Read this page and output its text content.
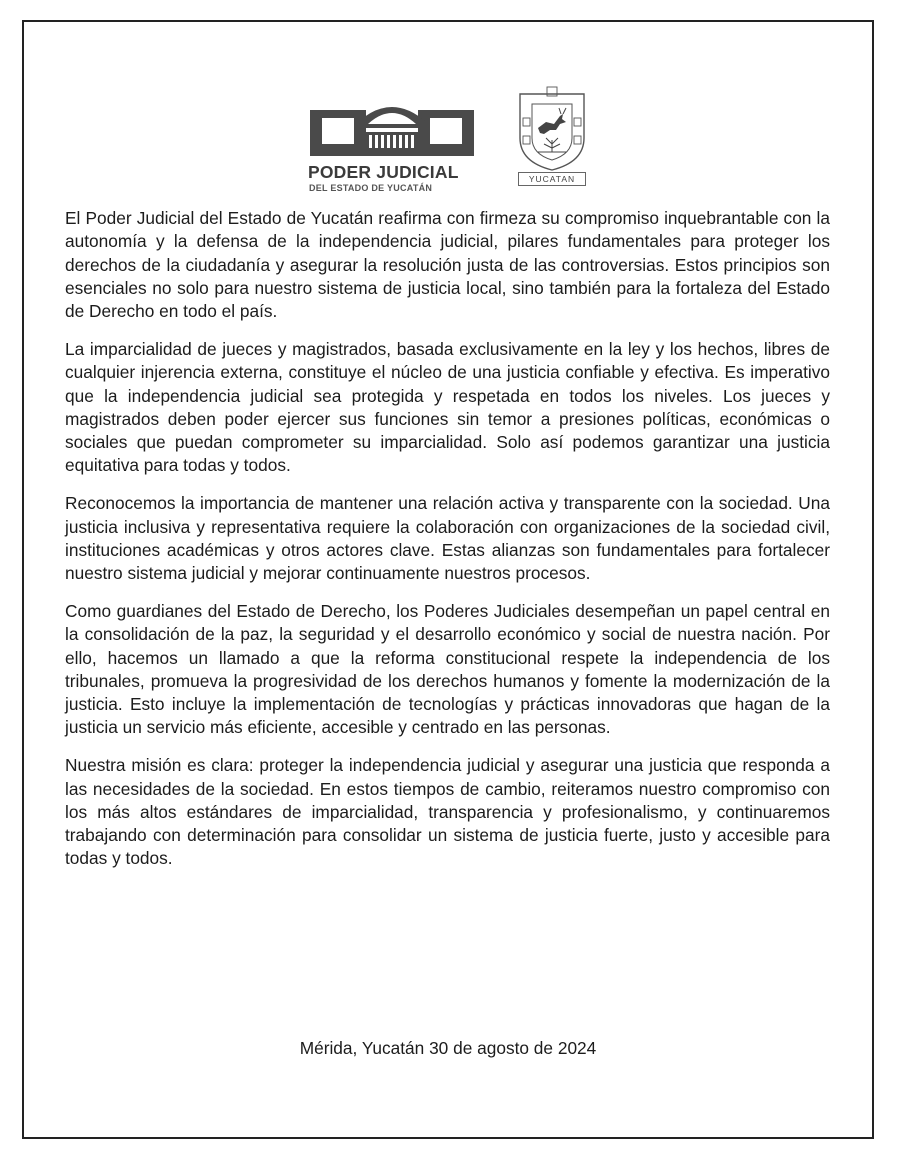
PODER JUDICIAL
DEL ESTADO DE YUCATÁN
YUCATAN

El Poder Judicial del Estado de Yucatán reafirma con firmeza su compromiso inquebrantable con la autonomía y la defensa de la independencia judicial, pilares fundamentales para proteger los derechos de la ciudadanía y asegurar la resolución justa de las controversias. Estos principios son esenciales no solo para nuestro sistema de justicia local, sino también para la fortaleza del Estado de Derecho en todo el país.

La imparcialidad de jueces y magistrados, basada exclusivamente en la ley y los hechos, libres de cualquier injerencia externa, constituye el núcleo de una justicia confiable y efectiva. Es imperativo que la independencia judicial sea protegida y respetada en todos los niveles. Los jueces y magistrados deben poder ejercer sus funciones sin temor a presiones políticas, económicas o sociales que puedan comprometer su imparcialidad. Solo así podemos garantizar una justicia equitativa para todas y todos.

Reconocemos la importancia de mantener una relación activa y transparente con la sociedad. Una justicia inclusiva y representativa requiere la colaboración con organizaciones de la sociedad civil, instituciones académicas y otros actores clave. Estas alianzas son fundamentales para fortalecer nuestro sistema judicial y mejorar continuamente nuestros procesos.

Como guardianes del Estado de Derecho, los Poderes Judiciales desempeñan un papel central en la consolidación de la paz, la seguridad y el desarrollo económico y social de nuestra nación. Por ello, hacemos un llamado a que la reforma constitucional respete la independencia de los tribunales, promueva la progresividad de los derechos humanos y fomente la modernización de la justicia. Esto incluye la implementación de tecnologías y prácticas innovadoras que hagan de la justicia un servicio más eficiente, accesible y centrado en las personas.

Nuestra misión es clara: proteger la independencia judicial y asegurar una justicia que responda a las necesidades de la sociedad. En estos tiempos de cambio, reiteramos nuestro compromiso con los más altos estándares de imparcialidad, transparencia y profesionalismo, y continuaremos trabajando con determinación para consolidar un sistema de justicia fuerte, justo y accesible para todas y todos.

Mérida, Yucatán 30 de agosto de 2024
